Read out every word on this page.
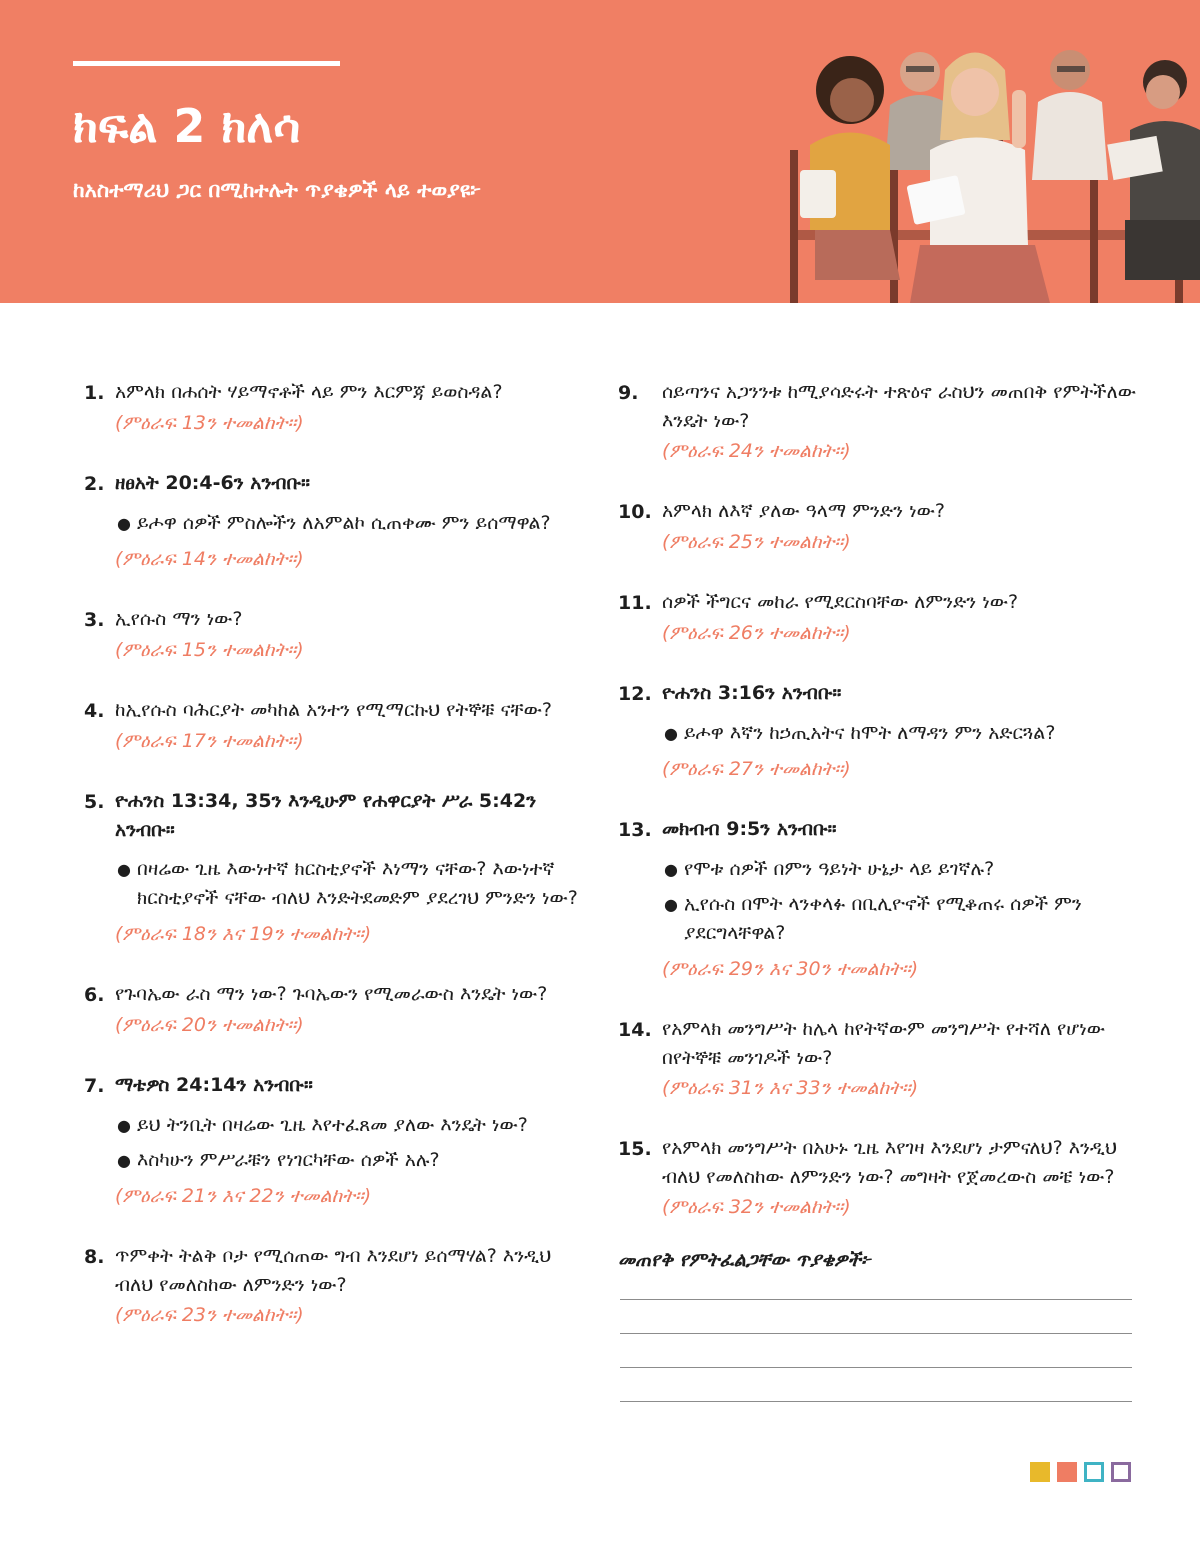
ክፍል 2 ክለሳ
ከአስተማሪህ ጋር በሚከተሉት ጥያቄዎች ላይ ተወያዩ፦
1. አምላክ በሐሰት ሃይማኖቶች ላይ ምን እርምጃ ይወስዳል?
(ምዕራፍ 13ን ተመልከት።)
2. ዘፀአት 20:4-6ን አንብቡ።
● ይሖዋ ሰዎች ምስሎችን ለአምልኮ ሲጠቀሙ ምን ይሰማዋል?
(ምዕራፍ 14ን ተመልከት።)
3. ኢየሱስ ማን ነው?
(ምዕራፍ 15ን ተመልከት።)
4. ከኢየሱስ ባሕርያት መካከል አንተን የሚማርኩህ የትኞቹ ናቸው?
(ምዕራፍ 17ን ተመልከት።)
5. ዮሐንስ 13:34, 35ን እንዲሁም የሐዋርያት ሥራ 5:42ን አንብቡ።
● በዛሬው ጊዜ እውነተኛ ክርስቲያኖች እነማን ናቸው? እውነተኛ ክርስቲያኖች ናቸው ብለህ እንድትደመድም ያደረገህ ምንድን ነው?
(ምዕራፍ 18ን እና 19ን ተመልከት።)
6. የጉባኤው ራስ ማን ነው? ጉባኤውን የሚመራውስ እንዴት ነው?
(ምዕራፍ 20ን ተመልከት።)
7. ማቴዎስ 24:14ን አንብቡ።
● ይህ ትንቢት በዛሬው ጊዜ እየተፈጸመ ያለው እንዴት ነው?
● እስካሁን ምሥራቹን የነገርካቸው ሰዎች አሉ?
(ምዕራፍ 21ን እና 22ን ተመልከት።)
8. ጥምቀት ትልቅ ቦታ የሚሰጠው ግብ እንደሆነ ይሰማሃል? እንዲህ ብለህ የመለስከው ለምንድን ነው?
(ምዕራፍ 23ን ተመልከት።)
9.	ሰይጣንና አጋንንቱ ከሚያሳድሩት ተጽዕኖ ራስህን መጠበቅ የምትችለው እንዴት ነው?
(ምዕራፍ 24ን ተመልከት።)
10. አምላክ ለእኛ ያለው ዓላማ ምንድን ነው?
(ምዕራፍ 25ን ተመልከት።)
11. ሰዎች ችግርና መከራ የሚደርስባቸው ለምንድን ነው?
(ምዕራፍ 26ን ተመልከት።)
12. ዮሐንስ 3:16ን አንብቡ።
● ይሖዋ እኛን ከኃጢአትና ከሞት ለማዳን ምን አድርጓል?
(ምዕራፍ 27ን ተመልከት።)
13. መክብብ 9:5ን አንብቡ።
● የሞቱ ሰዎች በምን ዓይነት ሁኔታ ላይ ይገኛሉ?
● ኢየሱስ በሞት ላንቀላፉ በቢሊዮኖች የሚቆጠሩ ሰዎች ምን ያደርግላቸዋል?
(ምዕራፍ 29ን እና 30ን ተመልከት።)
14. የአምላክ መንግሥት ከሌላ ከየትኛውም መንግሥት የተሻለ የሆነው በየትኞቹ መንገዶች ነው?
(ምዕራፍ 31ን እና 33ን ተመልከት።)
15. የአምላክ መንግሥት በአሁኑ ጊዜ እየገዛ እንደሆነ ታምናለህ? እንዲህ ብለህ የመለስከው ለምንድን ነው? መግዛት የጀመረውስ መቼ ነው?
(ምዕራፍ 32ን ተመልከት።)
መጠየቅ የምትፈልጋቸው ጥያቄዎች፦
